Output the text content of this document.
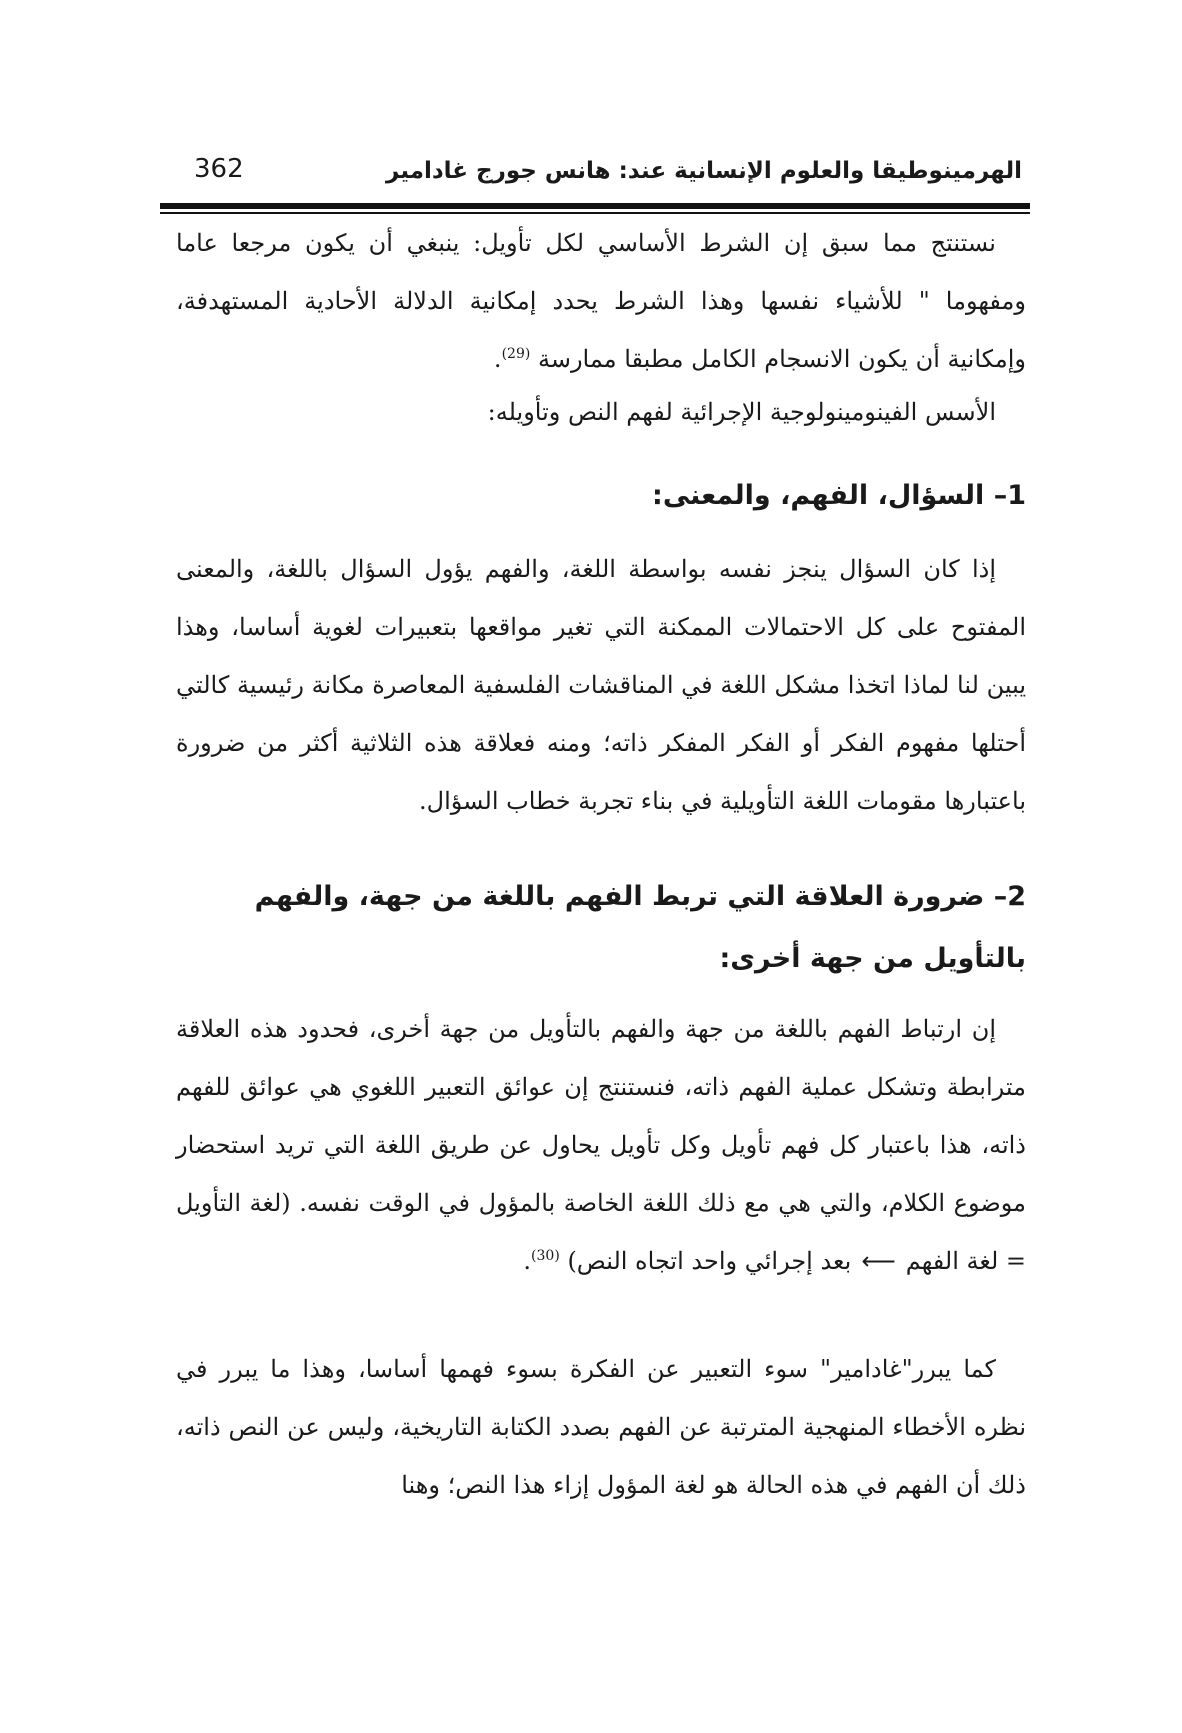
الهرمينوطيقا والعلوم الإنسانية عند: هانس جورج غادامير
362

نستنتج مما سبق إن الشرط الأساسي لكل تأويل: ينبغي أن يكون مرجعا عاما ومفهوما " للأشياء نفسها وهذا الشرط يحدد إمكانية الدلالة الأحادية المستهدفة، وإمكانية أن يكون الانسجام الكامل مطبقا ممارسة $^{(29)}$.

الأسس الفينومينولوجية الإجرائية لفهم النص وتأويله:

1– السؤال، الفهم، والمعنى:

إذا كان السؤال ينجز نفسه بواسطة اللغة، والفهم يؤول السؤال باللغة، والمعنى المفتوح على كل الاحتمالات الممكنة التي تغير مواقعها بتعبيرات لغوية أساسا، وهذا يبين لنا لماذا اتخذا مشكل اللغة في المناقشات الفلسفية المعاصرة مكانة رئيسية كالتي أحتلها مفهوم الفكر أو الفكر المفكر ذاته؛ ومنه فعلاقة هذه الثلاثية أكثر من ضرورة باعتبارها مقومات اللغة التأويلية في بناء تجربة خطاب السؤال.

2– ضرورة العلاقة التي تربط الفهم باللغة من جهة، والفهم بالتأويل من جهة أخرى:

إن ارتباط الفهم باللغة من جهة والفهم بالتأويل من جهة أخرى، فحدود هذه العلاقة مترابطة وتشكل عملية الفهم ذاته، فنستنتج إن عوائق التعبير اللغوي هي عوائق للفهم ذاته، هذا باعتبار كل فهم تأويل وكل تأويل يحاول عن طريق اللغة التي تريد استحضار موضوع الكلام، والتي هي مع ذلك اللغة الخاصة بالمؤول في الوقت نفسه. (لغة التأويل = لغة الفهم⟵بعد إجرائي واحد اتجاه النص) $^{(30)}$.

كما يبرر"غادامير" سوء التعبير عن الفكرة بسوء فهمها أساسا، وهذا ما يبرر في نظره الأخطاء المنهجية المترتبة عن الفهم بصدد الكتابة التاريخية، وليس عن النص ذاته، ذلك أن الفهم في هذه الحالة هو لغة المؤول إزاء هذا النص؛ وهنا
